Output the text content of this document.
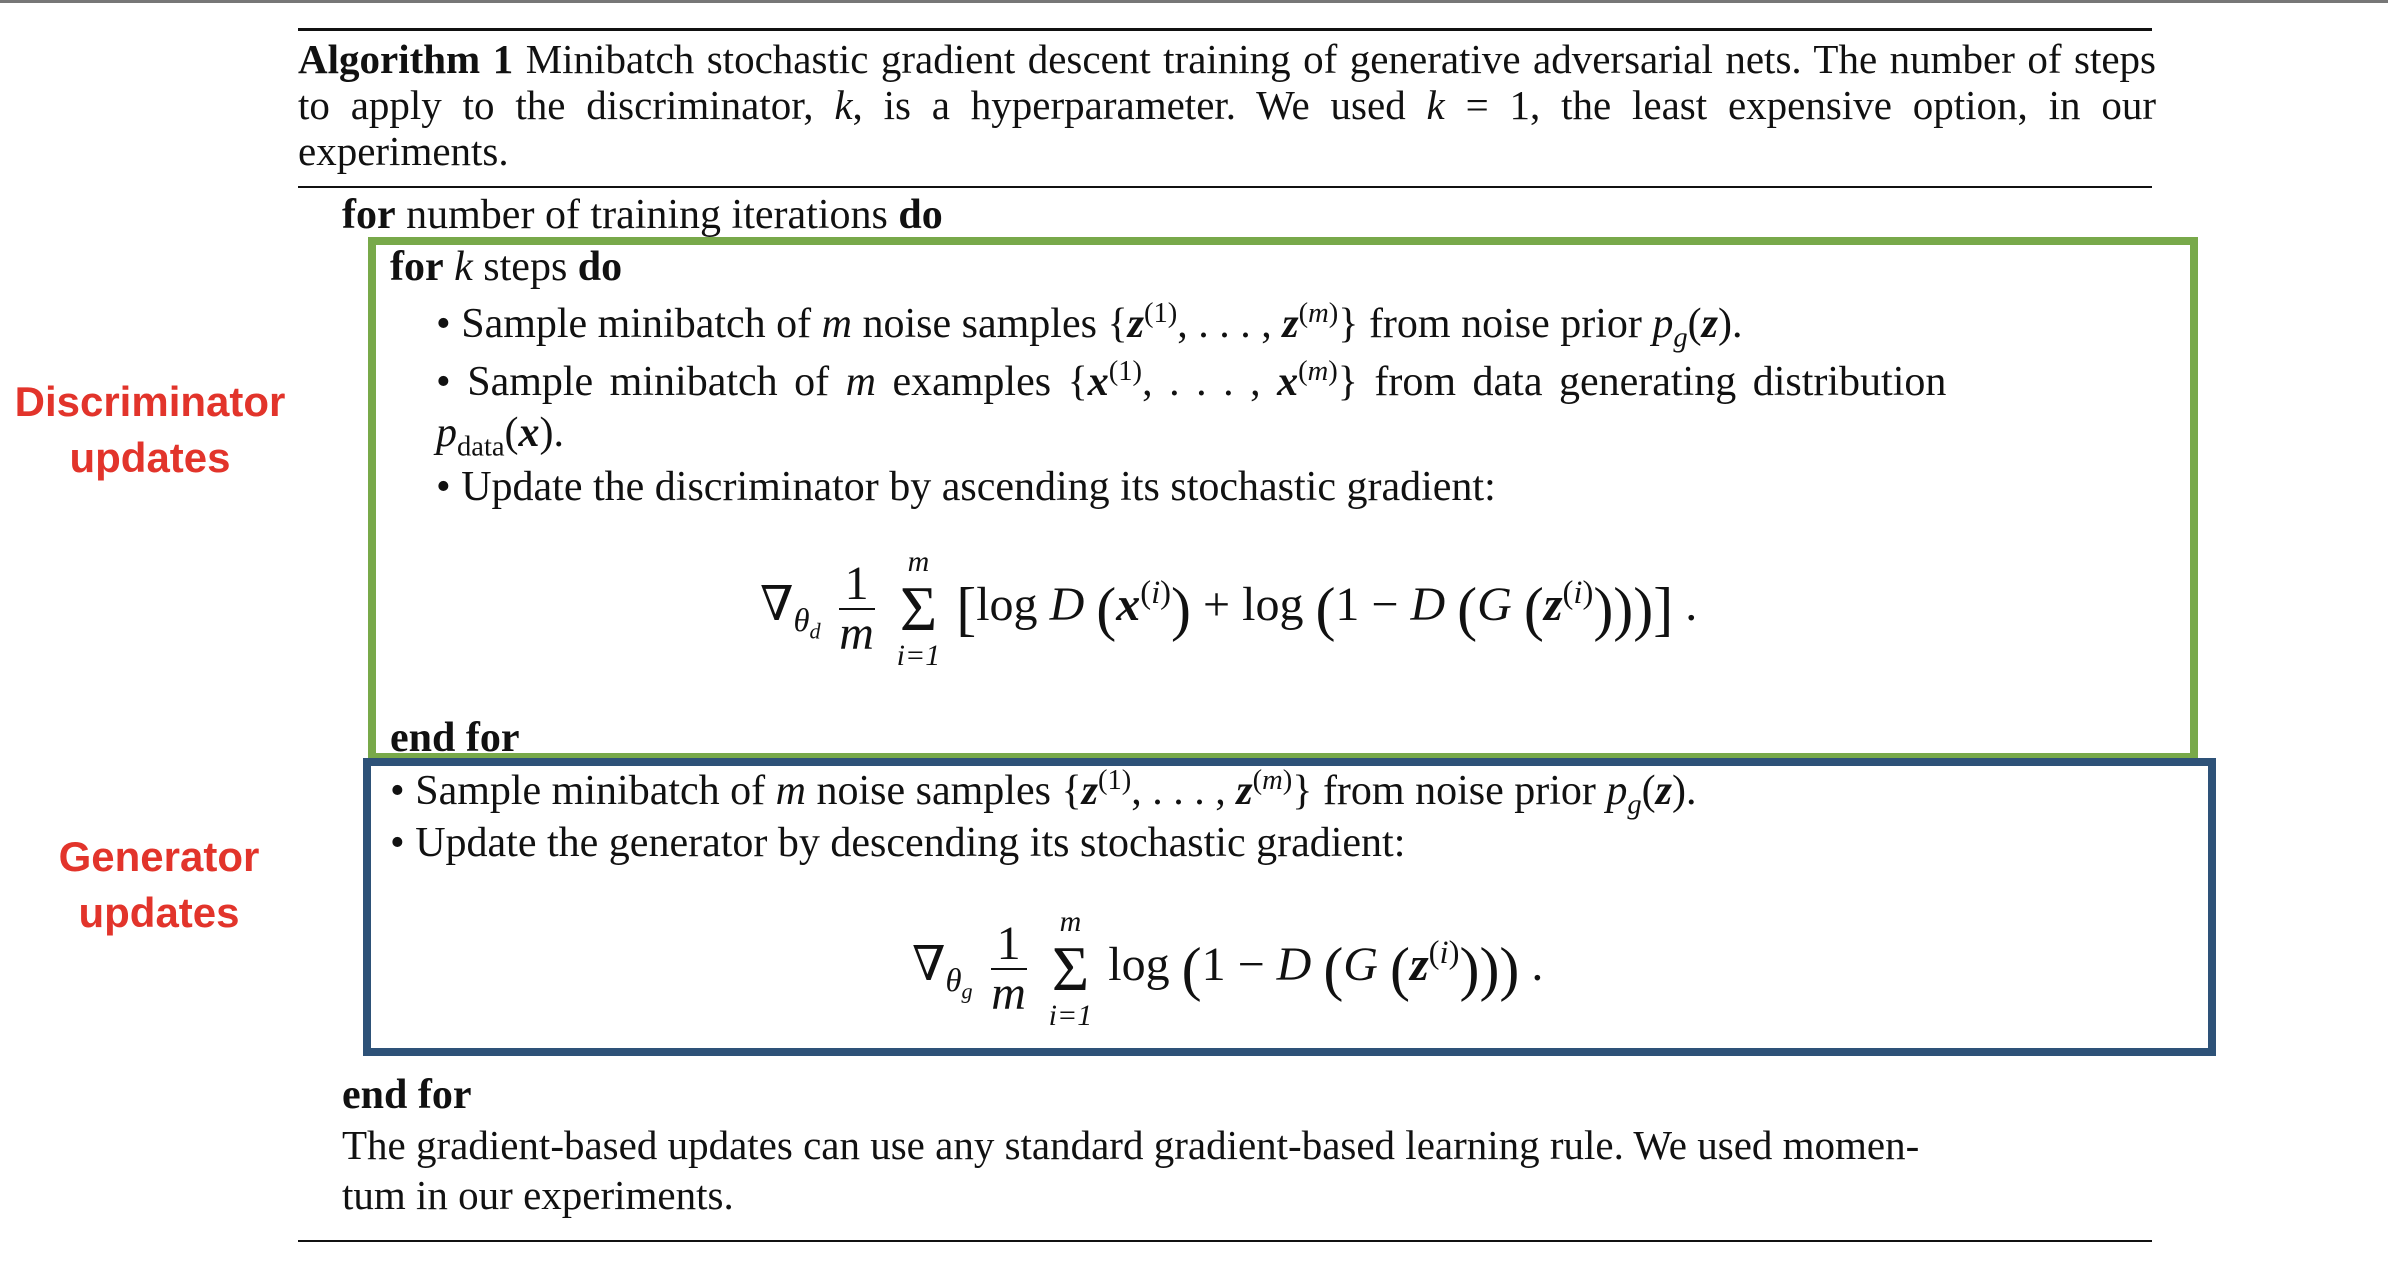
Algorithm 1 Minibatch stochastic gradient descent training of generative adversarial nets. The number of steps to apply to the discriminator, k, is a hyperparameter. We used k = 1, the least expensive option, in our experiments.
Discriminator updates
Generator updates
for number of training iterations do
for k steps do
• Sample minibatch of m noise samples {$z^{(1)}$, . . . , $z^{(m)}$} from noise prior $p_g(z)$.
• Sample minibatch of m examples {$x^{(1)}$, . . . , $x^{(m)}$} from data generating distribution
$p_{data}(x)$.
• Update the discriminator by ascending its stochastic gradient:
$\nabla_{\theta_d} \frac{1}{m}$
	m
Σ
i=1
[log D $(x^{(i)}) + \log (1 - D$ (G $(z^{(i)})$))] .
end for
• Sample minibatch of m noise samples {$z^{(1)}$, . . . , $z^{(m)}$} from noise prior $p_g(z)$.
• Update the generator by descending its stochastic gradient:
$\nabla_{\theta_g} \frac{1}{m}$
	m
Σ
i=1
log (1 − D (G $(z^{(i)})$)) .
end for
The gradient-based updates can use any standard gradient-based learning rule. We used momen-
tum in our experiments.
